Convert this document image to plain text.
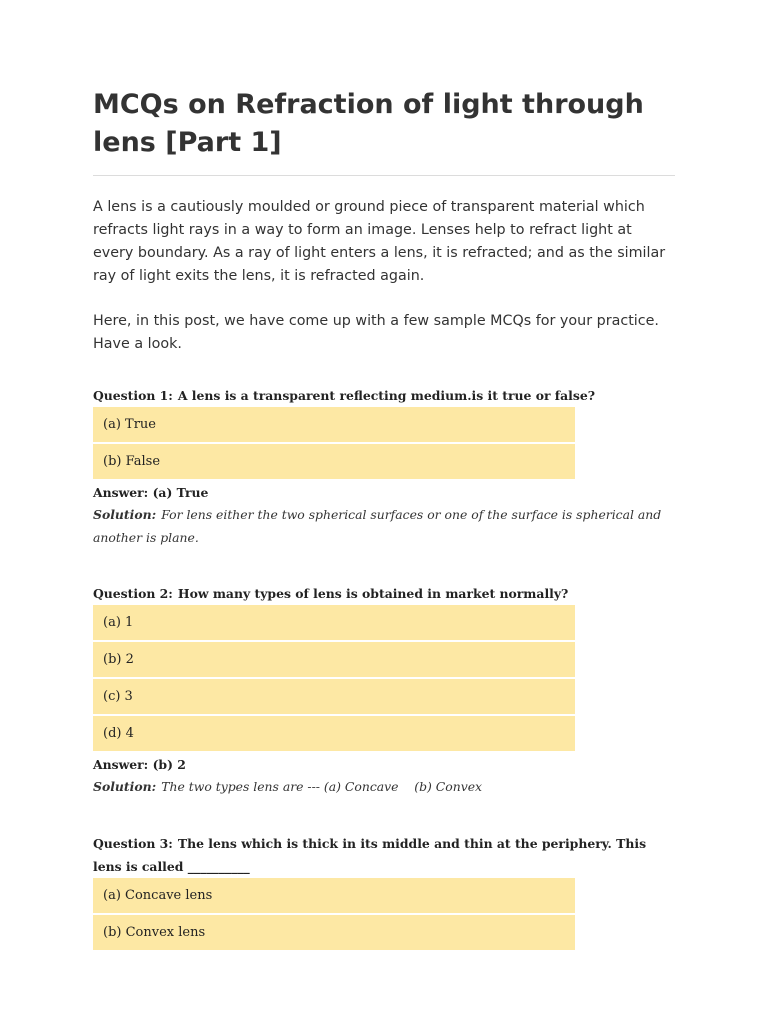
MCQs on Refraction of light through lens [Part 1]

A lens is a cautiously moulded or ground piece of transparent material which refracts light rays in a way to form an image. Lenses help to refract light at every boundary. As a ray of light enters a lens, it is refracted; and as the similar ray of light exits the lens, it is refracted again.

Here, in this post, we have come up with a few sample MCQs for your practice. Have a look.

Question 1: A lens is a transparent reflecting medium.is it true or false?

(a) True
(b) False

Answer: (a) True

Solution: For lens either the two spherical surfaces or one of the surface is spherical and another is plane.

Question 2: How many types of lens is obtained in market normally?

(a) 1
(b) 2
(c) 3
(d) 4

Answer: (b) 2

Solution: The two types lens are --- (a) Concave    (b) Convex

Question 3: The lens which is thick in its middle and thin at the periphery. This lens is called __________

(a) Concave lens
(b) Convex lens
